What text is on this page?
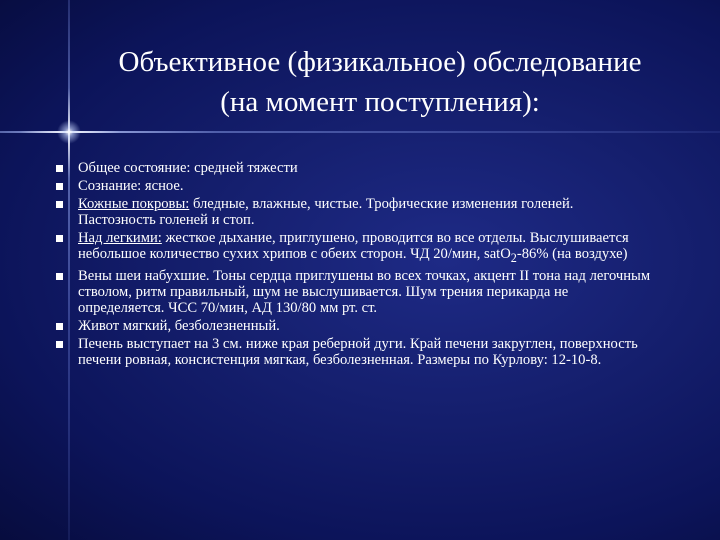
Объективное (физикальное) обследование
(на момент поступления):
Общее состояние: средней тяжести
Сознание: ясное.
Кожные покровы: бледные, влажные, чистые. Трофические изменения голеней. Пастозность голеней и стоп.
Над легкими: жесткое дыхание, приглушено, проводится во все отделы. Выслушивается небольшое количество сухих хрипов с обеих сторон. ЧД 20/мин, satO$_2$-86% (на воздухе)
Вены шеи набухшие. Тоны сердца приглушены во всех точках, акцент II тона над легочным стволом, ритм правильный, шум не выслушивается. Шум трения перикарда не определяется. ЧСС 70/мин, АД 130/80 мм рт. ст.
Живот мягкий, безболезненный.
Печень выступает на 3 см. ниже края реберной дуги. Край печени закруглен, поверхность печени ровная, консистенция мягкая, безболезненная. Размеры по Курлову: 12-10-8.
